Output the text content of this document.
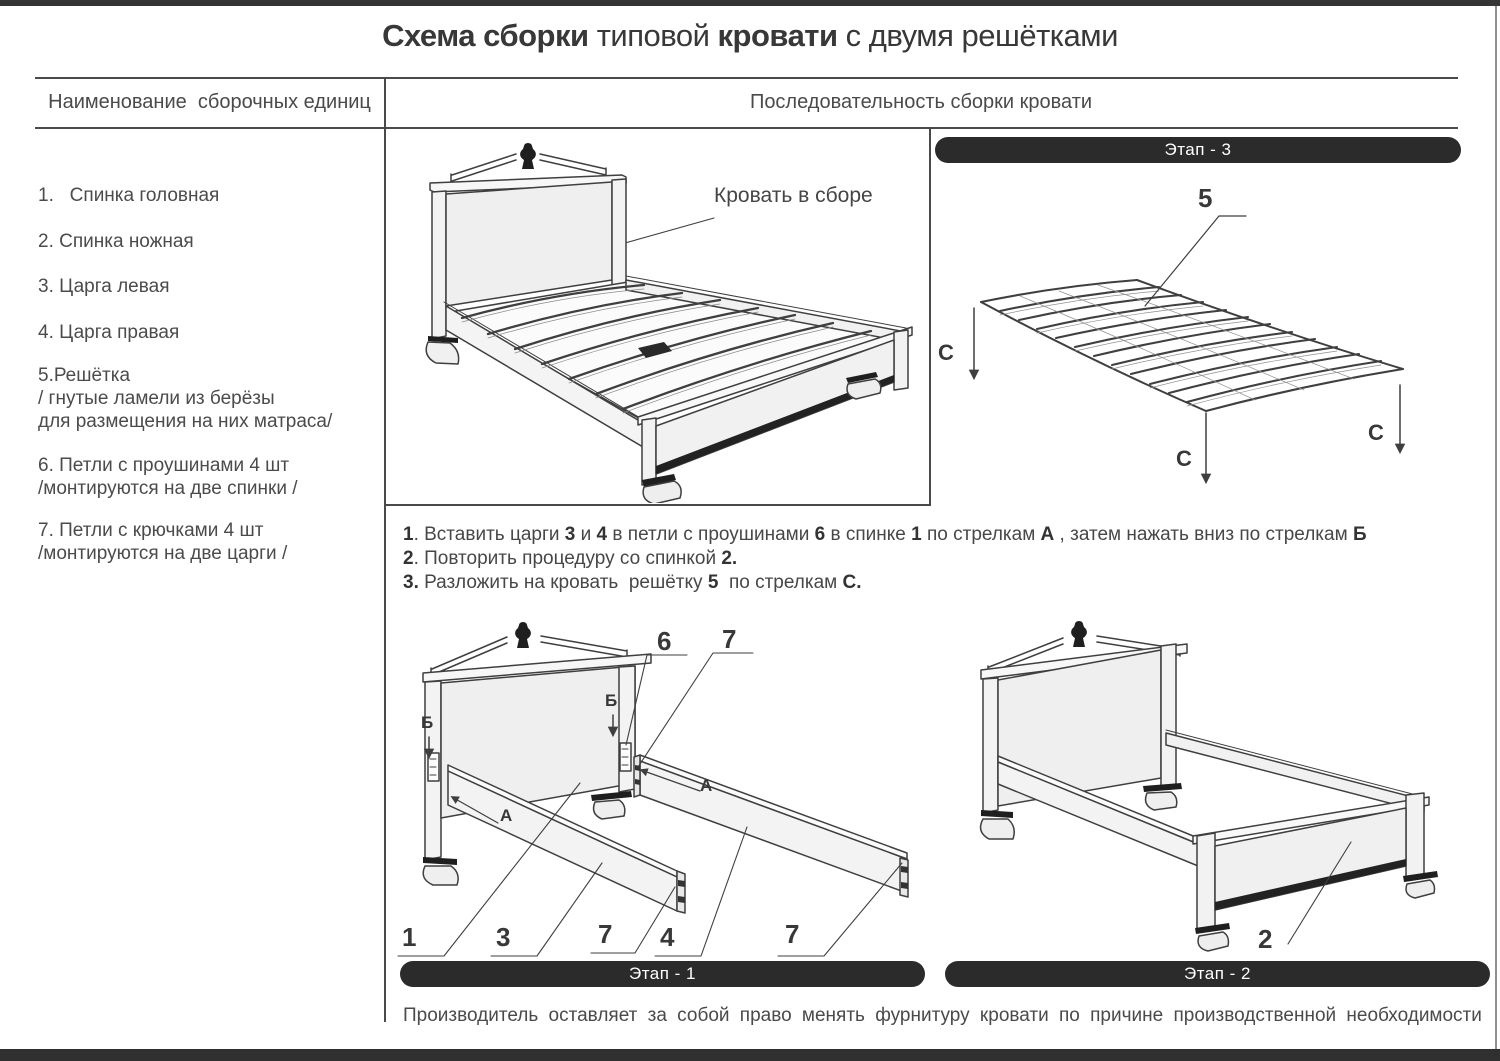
Схема сборки типовой кровати с двумя решётками
Наименование  сборочных единиц	Последовательность сборки кровати
1.   Спинка головная
2. Спинка ножная
3. Царга левая
4. Царга правая
5.Решётка
/ гнутые ламели из берёзы
для размещения на них матраса/
6. Петли с проушинами 4 шт
/монтируются на две спинки /
7. Петли с крючками 4 шт
/монтируются на две царги /
Кровать в сборе
Этап - 3
5
С
С
С
1. Вставить царги 3 и 4 в петли с проушинами 6 в спинке 1 по стрелкам А , затем нажать вниз по стрелкам Б
2. Повторить процедуру со спинкой 2.
3. Разложить на кровать  решётку 5  по стрелкам С.
6 7
Б
Б
А
А
1	3	7 4	7	2
Этап - 1	Этап - 2
Производитель оставляет за собой право менять фурнитуру кровати по причине производственной необходимости
